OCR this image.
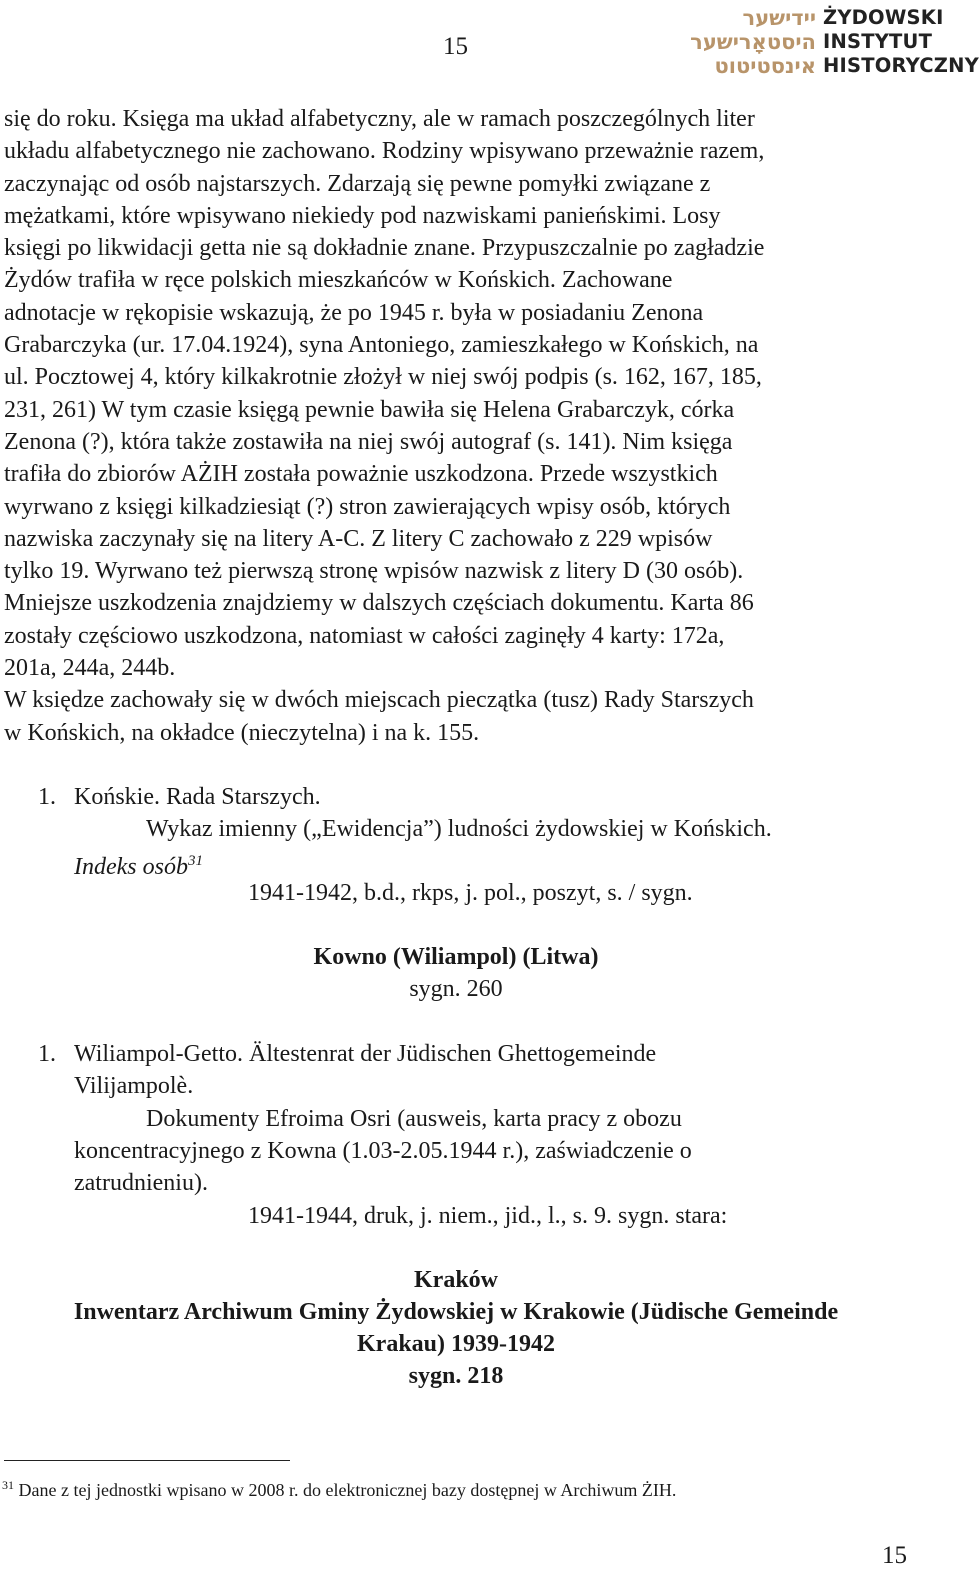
15
יידישער
היסטאָרישער
אינסטיטוט
ŻYDOWSKI
INSTYTUT
HISTORYCZNY
się do roku. Księga ma układ alfabetyczny, ale w ramach poszczególnych liter
układu alfabetycznego nie zachowano. Rodziny wpisywano przeważnie razem,
zaczynając od osób najstarszych. Zdarzają się pewne pomyłki związane z
mężatkami, które wpisywano niekiedy pod nazwiskami panieńskimi. Losy
księgi po likwidacji getta nie są dokładnie znane. Przypuszczalnie po zagładzie
Żydów trafiła w ręce polskich mieszkańców w Końskich. Zachowane
adnotacje w rękopisie wskazują, że po 1945 r. była w posiadaniu Zenona
Grabarczyka (ur. 17.04.1924), syna Antoniego, zamieszkałego w Końskich, na
ul. Pocztowej 4, który kilkakrotnie złożył w niej swój podpis (s. 162, 167, 185,
231, 261) W tym czasie księgą pewnie bawiła się Helena Grabarczyk, córka
Zenona (?), która także zostawiła na niej swój autograf (s. 141). Nim księga
trafiła do zbiorów AŻIH została poważnie uszkodzona. Przede wszystkich
wyrwano z księgi kilkadziesiąt (?) stron zawierających wpisy osób, których
nazwiska zaczynały się na litery A-C. Z litery C zachowało z 229 wpisów
tylko 19. Wyrwano też pierwszą stronę wpisów nazwisk z litery D (30 osób).
Mniejsze uszkodzenia znajdziemy w dalszych częściach dokumentu. Karta 86
zostały częściowo uszkodzona, natomiast w całości zaginęły 4 karty: 172a,
201a, 244a, 244b.
W księdze zachowały się w dwóch miejscach pieczątka (tusz) Rady Starszych
w Końskich, na okładce (nieczytelna) i na k. 155.
1. Końskie. Rada Starszych.
Wykaz imienny („Ewidencja”) ludności żydowskiej w Końskich.
Indeks osób$^{31}$
1941-1942, b.d., rkps, j. pol., poszyt, s. / sygn.
Kowno (Wiliampol) (Litwa)
sygn. 260
1. Wiliampol-Getto. Ältestenrat der Jüdischen Ghettogemeinde
Vilijampolè.
Dokumenty Efroima Osri (ausweis, karta pracy z obozu
koncentracyjnego z Kowna (1.03-2.05.1944 r.), zaświadczenie o
zatrudnieniu).
1941-1944, druk, j. niem., jid., l., s. 9. sygn. stara:
Kraków
Inwentarz Archiwum Gminy Żydowskiej w Krakowie (Jüdische Gemeinde
Krakau) 1939-1942
sygn. 218
$^{31}$ Dane z tej jednostki wpisano w 2008 r. do elektronicznej bazy dostępnej w Archiwum ŻIH.
15
